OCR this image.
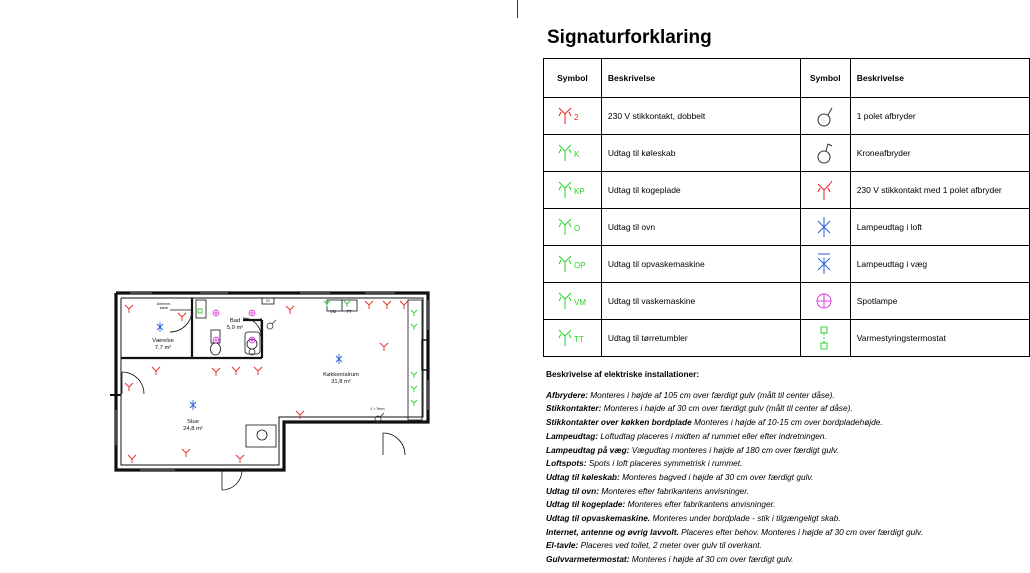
Værelse
7,7 m²
Bad
5,9 m²
Køkken/alrum
31,8 m²
Stue
24,8 m²
Antenne-kabel
El
VM TT
1 = Term.
Signaturforklaring
Symbol	Beskrivelse	Symbol	Beskrivelse

2	230 V stikkontakt, dobbelt		1 polet afbryder

K	Udtag til køleskab		Kroneafbryder

KP	Udtag til kogeplade		230 V stikkontakt med 1 polet afbryder

O	Udtag til ovn		Lampeudtag i loft

OP	Udtag til opvaskemaskine		Lampeudtag i væg

VM	Udtag til vaskemaskine		Spotlampe

TT	Udtag til tørretumbler		Varmestyringstermostat
Beskrivelse af elektriske installationer:
Afbrydere: Monteres i højde af 105 cm over færdigt gulv (målt til center dåse).
Stikkontakter: Monteres i højde af 30 cm over færdigt gulv (målt til center af dåse).
Stikkontakter over køkken bordplade Monteres i højde af 10-15 cm over bordpladehøjde.
Lampeudtag: Loftudtag placeres i midten af rummet eller efter indretningen.
Lampeudtag på væg: Vægudtag monteres i højde af 180 cm over færdigt gulv.
Loftspots: Spots i loft placeres symmetrisk i rummet.
Udtag til køleskab: Monteres bagved i højde af 30 cm over færdigt gulv.
Udtag til ovn: Monteres efter fabrikantens anvisninger.
Udtag til kogeplade: Monteres efter fabrikantens anvisninger.
Udtag til opvaskemaskine. Monteres under bordplade - stik i tilgængeligt skab.
Internet, antenne og øvrig lavvolt. Placeres efter behov. Monteres i højde af 30 cm over færdigt gulv.
El-tavle: Placeres ved toilet, 2 meter over gulv til overkant.
Gulvvarmetermostat: Monteres i højde af 30 cm over færdigt gulv.
